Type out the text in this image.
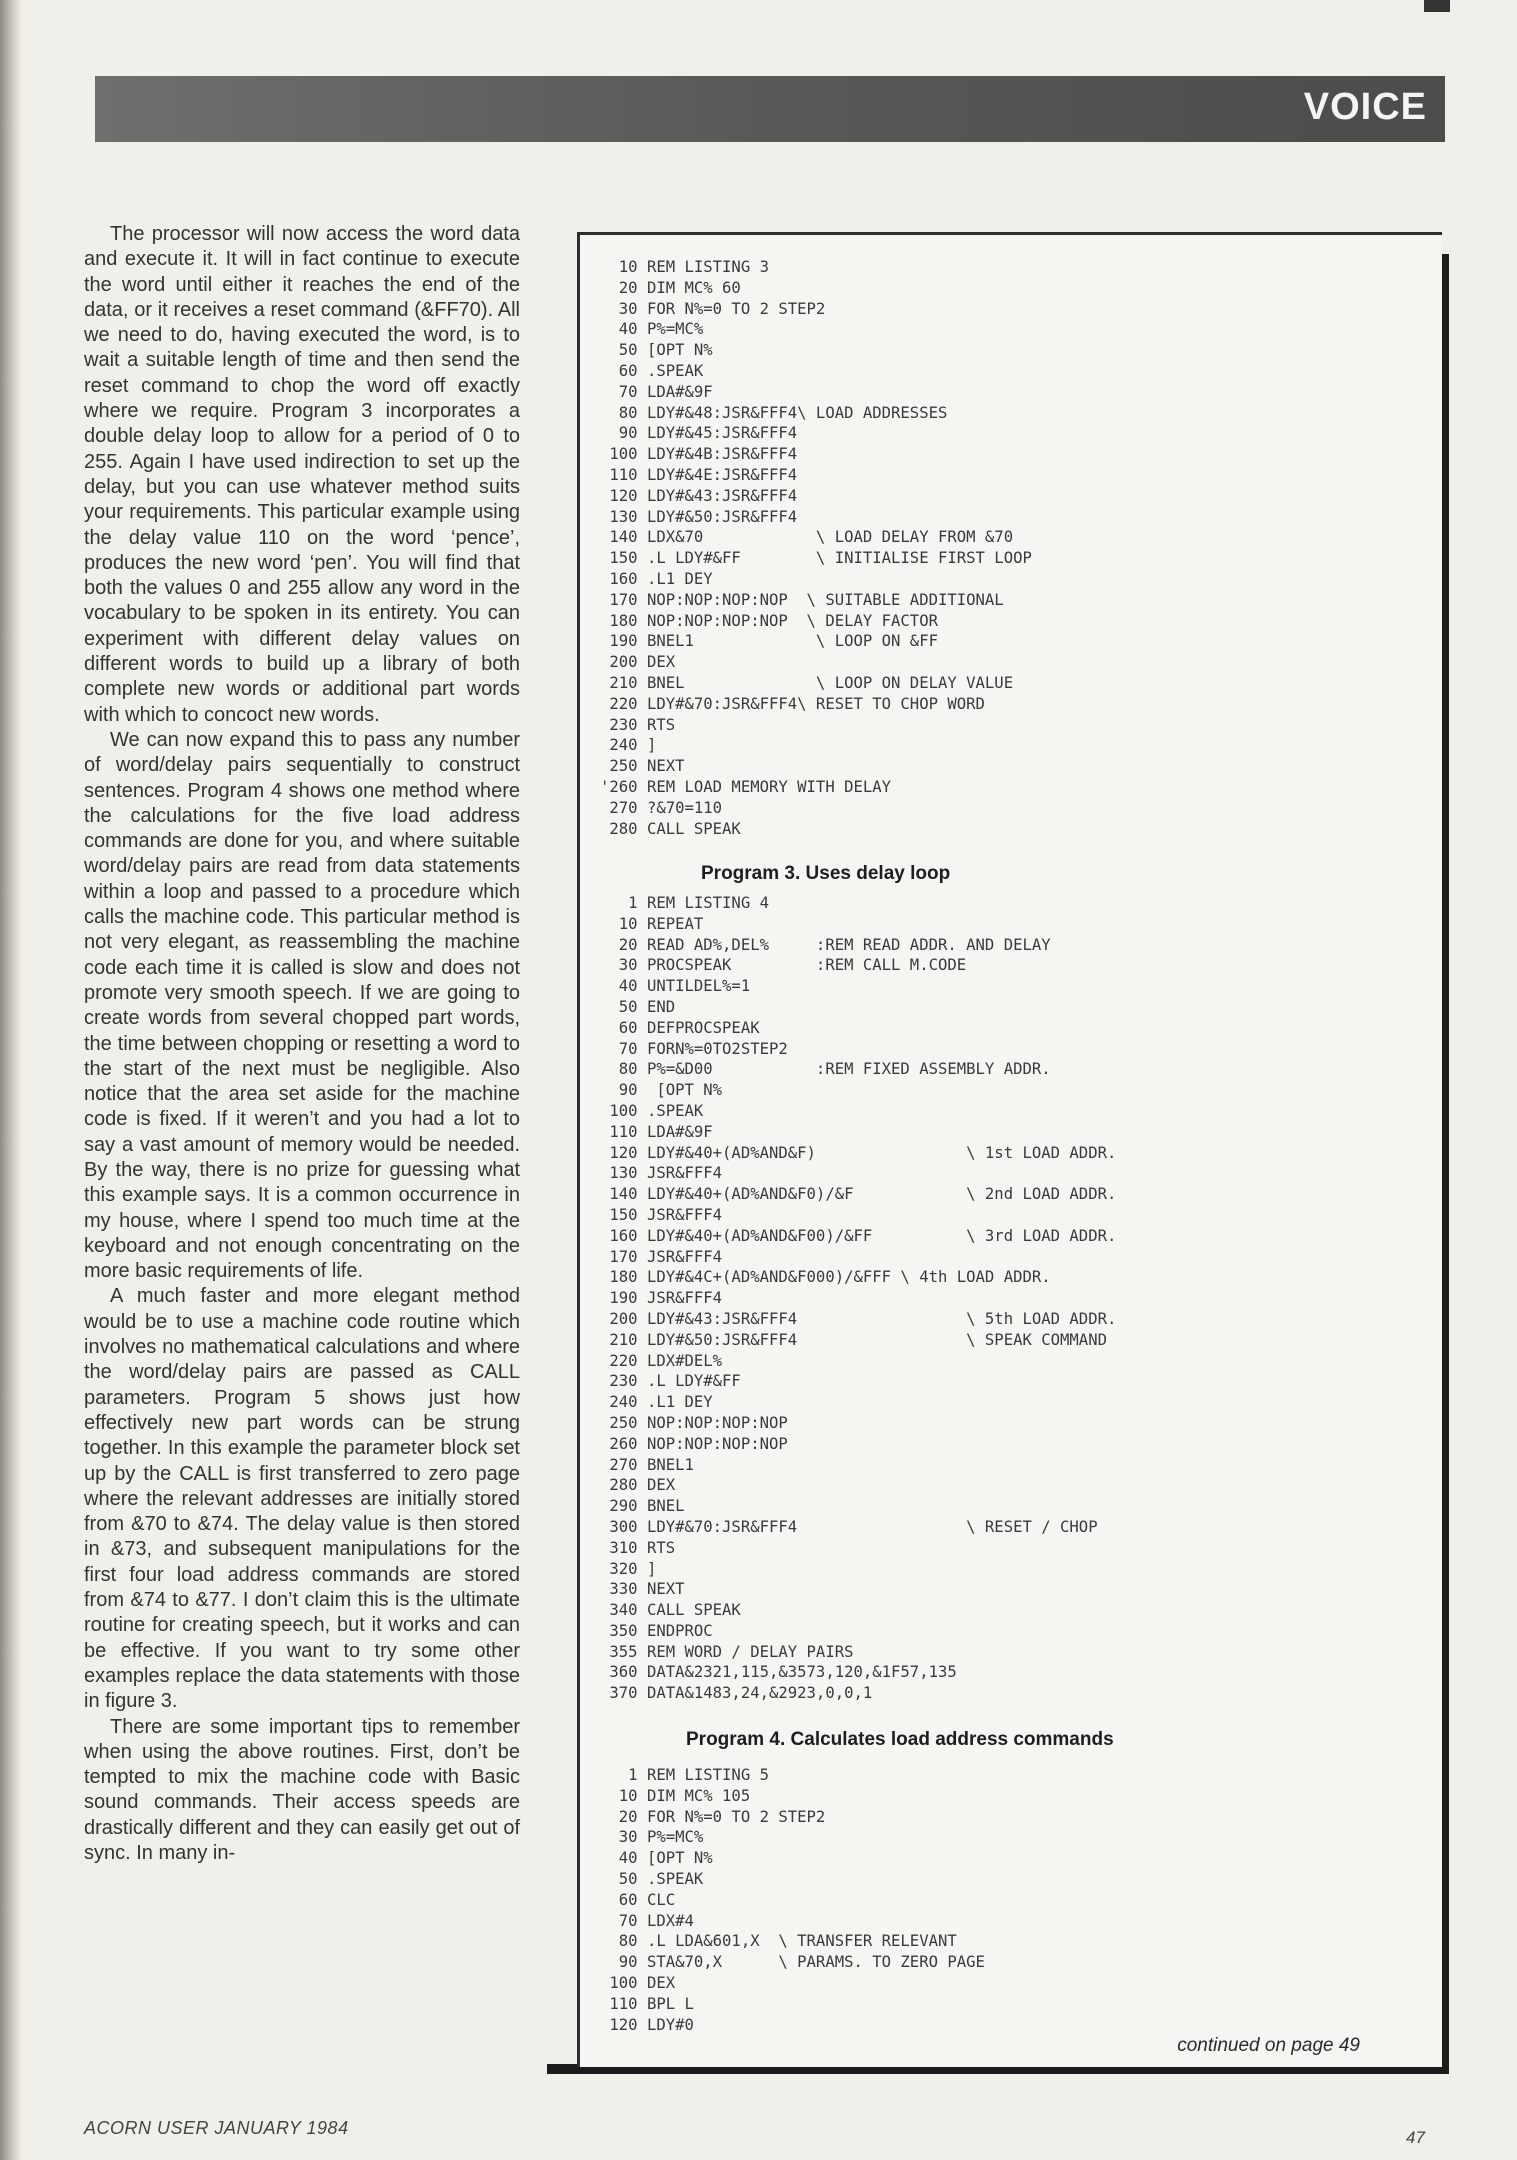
VOICE

The processor will now access the word data and execute it. It will in fact continue to execute the word until either it reaches the end of the data, or it receives a reset command (&FF70). All we need to do, having executed the word, is to wait a suitable length of time and then send the reset command to chop the word off exactly where we require. Program 3 incorporates a double delay loop to allow for a period of 0 to 255. Again I have used indirection to set up the delay, but you can use whatever method suits your requirements. This particular example using the delay value 110 on the word ‘pence’, produces the new word ‘pen’. You will find that both the values 0 and 255 allow any word in the vocabulary to be spoken in its entirety. You can experiment with different delay values on different words to build up a library of both complete new words or additional part words with which to concoct new words.

We can now expand this to pass any number of word/delay pairs sequentially to construct sentences. Program 4 shows one method where the calculations for the five load address commands are done for you, and where suitable word/delay pairs are read from data statements within a loop and passed to a procedure which calls the machine code. This particular method is not very elegant, as reassembling the machine code each time it is called is slow and does not promote very smooth speech. If we are going to create words from several chopped part words, the time between chopping or resetting a word to the start of the next must be negligible. Also notice that the area set aside for the machine code is fixed. If it weren’t and you had a lot to say a vast amount of memory would be needed. By the way, there is no prize for guessing what this example says. It is a common occurrence in my house, where I spend too much time at the keyboard and not enough concentrating on the more basic requirements of life.

A much faster and more elegant method would be to use a machine code routine which involves no mathematical calculations and where the word/delay pairs are passed as CALL parameters. Program 5 shows just how effectively new part words can be strung together. In this example the parameter block set up by the CALL is first transferred to zero page where the relevant addresses are initially stored from &70 to &74. The delay value is then stored in &73, and subsequent manipulations for the first four load address commands are stored from &74 to &77. I don’t claim this is the ultimate routine for creating speech, but it works and can be effective. If you want to try some other examples replace the data statements with those in figure 3.

There are some important tips to remember when using the above routines. First, don’t be tempted to mix the machine code with Basic sound commands. Their access speeds are drastically different and they can easily get out of sync. In many in-

10 REM LISTING 3
20 DIM MC% 60
30 FOR N%=0 TO 2 STEP2
40 P%=MC%
50 [OPT N%
60 .SPEAK
70 LDA#&9F
80 LDY#&48:JSR&FFF4\ LOAD ADDRESSES
90 LDY#&45:JSR&FFF4
100 LDY#&4B:JSR&FFF4
110 LDY#&4E:JSR&FFF4
120 LDY#&43:JSR&FFF4
130 LDY#&50:JSR&FFF4
140 LDX&70            \ LOAD DELAY FROM &70
150 .L LDY#&FF        \ INITIALISE FIRST LOOP
160 .L1 DEY
170 NOP:NOP:NOP:NOP  \ SUITABLE ADDITIONAL
180 NOP:NOP:NOP:NOP  \ DELAY FACTOR
190 BNEL1             \ LOOP ON &FF
200 DEX
210 BNEL              \ LOOP ON DELAY VALUE
220 LDY#&70:JSR&FFF4\ RESET TO CHOP WORD
230 RTS
240 ]
250 NEXT
'260 REM LOAD MEMORY WITH DELAY
270 ?&70=110
280 CALL SPEAK
Program 3. Uses delay loop
1 REM LISTING 4
10 REPEAT
20 READ AD%,DEL%     :REM READ ADDR. AND DELAY
30 PROCSPEAK         :REM CALL M.CODE
40 UNTILDEL%=1
50 END
60 DEFPROCSPEAK
70 FORN%=0TO2STEP2
80 P%=&D00           :REM FIXED ASSEMBLY ADDR.
90  [OPT N%
100 .SPEAK
110 LDA#&9F
120 LDY#&40+(AD%AND&F)                \ 1st LOAD ADDR.
130 JSR&FFF4
140 LDY#&40+(AD%AND&F0)/&F            \ 2nd LOAD ADDR.
150 JSR&FFF4
160 LDY#&40+(AD%AND&F00)/&FF          \ 3rd LOAD ADDR.
170 JSR&FFF4
180 LDY#&4C+(AD%AND&F000)/&FFF \ 4th LOAD ADDR.
190 JSR&FFF4
200 LDY#&43:JSR&FFF4                  \ 5th LOAD ADDR.
210 LDY#&50:JSR&FFF4                  \ SPEAK COMMAND
220 LDX#DEL%
230 .L LDY#&FF
240 .L1 DEY
250 NOP:NOP:NOP:NOP
260 NOP:NOP:NOP:NOP
270 BNEL1
280 DEX
290 BNEL
300 LDY#&70:JSR&FFF4                  \ RESET / CHOP
310 RTS
320 ]
330 NEXT
340 CALL SPEAK
350 ENDPROC
355 REM WORD / DELAY PAIRS
360 DATA&2321,115,&3573,120,&1F57,135
370 DATA&1483,24,&2923,0,0,1
Program 4. Calculates load address commands
1 REM LISTING 5
10 DIM MC% 105
20 FOR N%=0 TO 2 STEP2
30 P%=MC%
40 [OPT N%
50 .SPEAK
60 CLC
70 LDX#4
80 .L LDA&601,X  \ TRANSFER RELEVANT
90 STA&70,X      \ PARAMS. TO ZERO PAGE
100 DEX
110 BPL L
120 LDY#0
continued on page 49
ACORN USER JANUARY 1984	47
